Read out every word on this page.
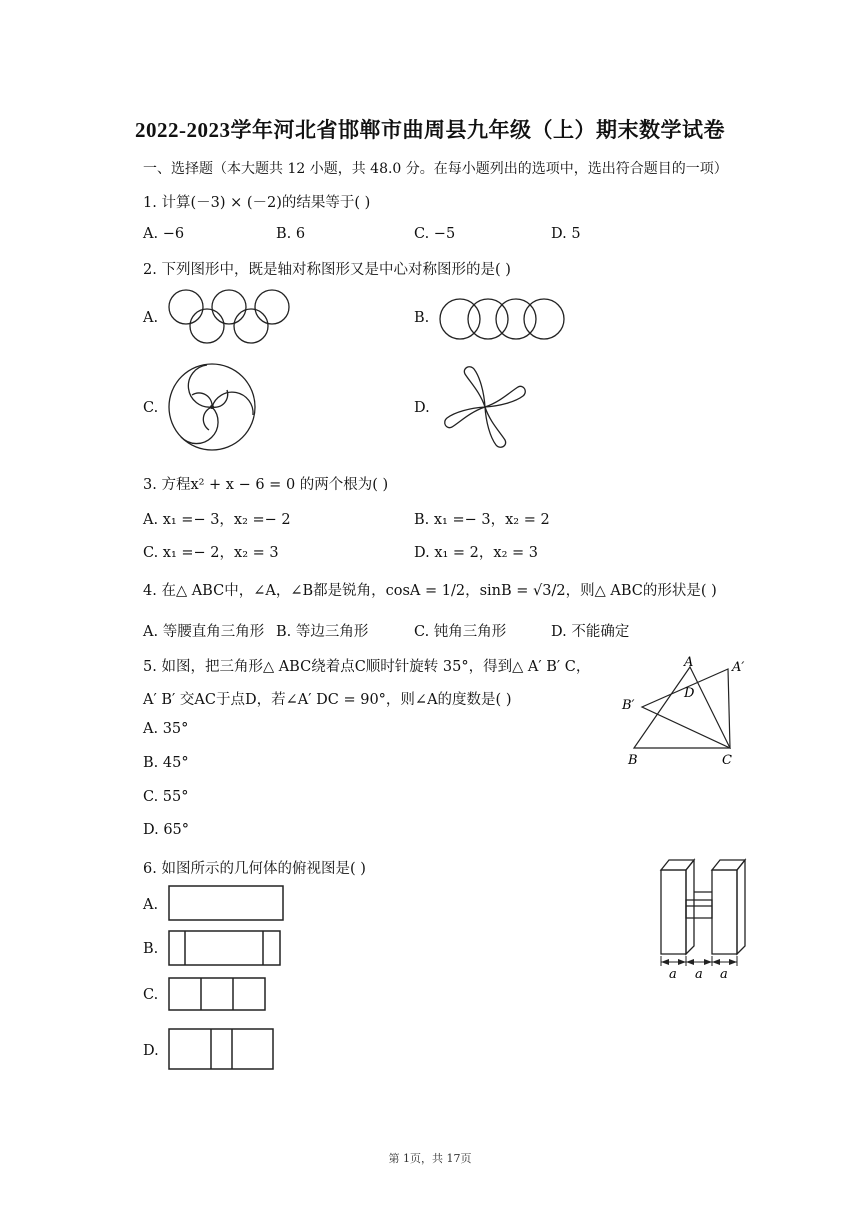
2022-2023学年河北省邯郸市曲周县九年级（上）期末数学试卷
一、选择题（本大题共 12 小题，共 48.0 分。在每小题列出的选项中，选出符合题目的一项）
1. 计算(－3) × (－2)的结果等于( )
A. −6	B. 6	C. −5	D. 5
2. 下列图形中，既是轴对称图形又是中心对称图形的是( )
A.	B.
C.	D.
3. 方程x² + x − 6 = 0 的两个根为( )
A. x₁ =− 3，x₂ =− 2	B. x₁ =− 3，x₂ = 2
C. x₁ =− 2，x₂ = 3	D. x₁ = 2，x₂ = 3
4. 在△ ABC中，∠A，∠B都是锐角，cosA = 1/2，sinB = √3/2，则△ ABC的形状是( )
A. 等腰直角三角形 B. 等边三角形	C. 钝角三角形	D. 不能确定
5. 如图，把三角形△ ABC绕着点C顺时针旋转 35°，得到△ A′ B′ C，
A′ B′ 交AC于点D，若∠A′ DC = 90°，则∠A的度数是( )
A. 35°
B. 45°
C. 55°
D. 65°
A	A′
D
B′
B	C
6. 如图所示的几何体的俯视图是( )
A.
B.
C.
D.
a a a
第 1页，共 17页
